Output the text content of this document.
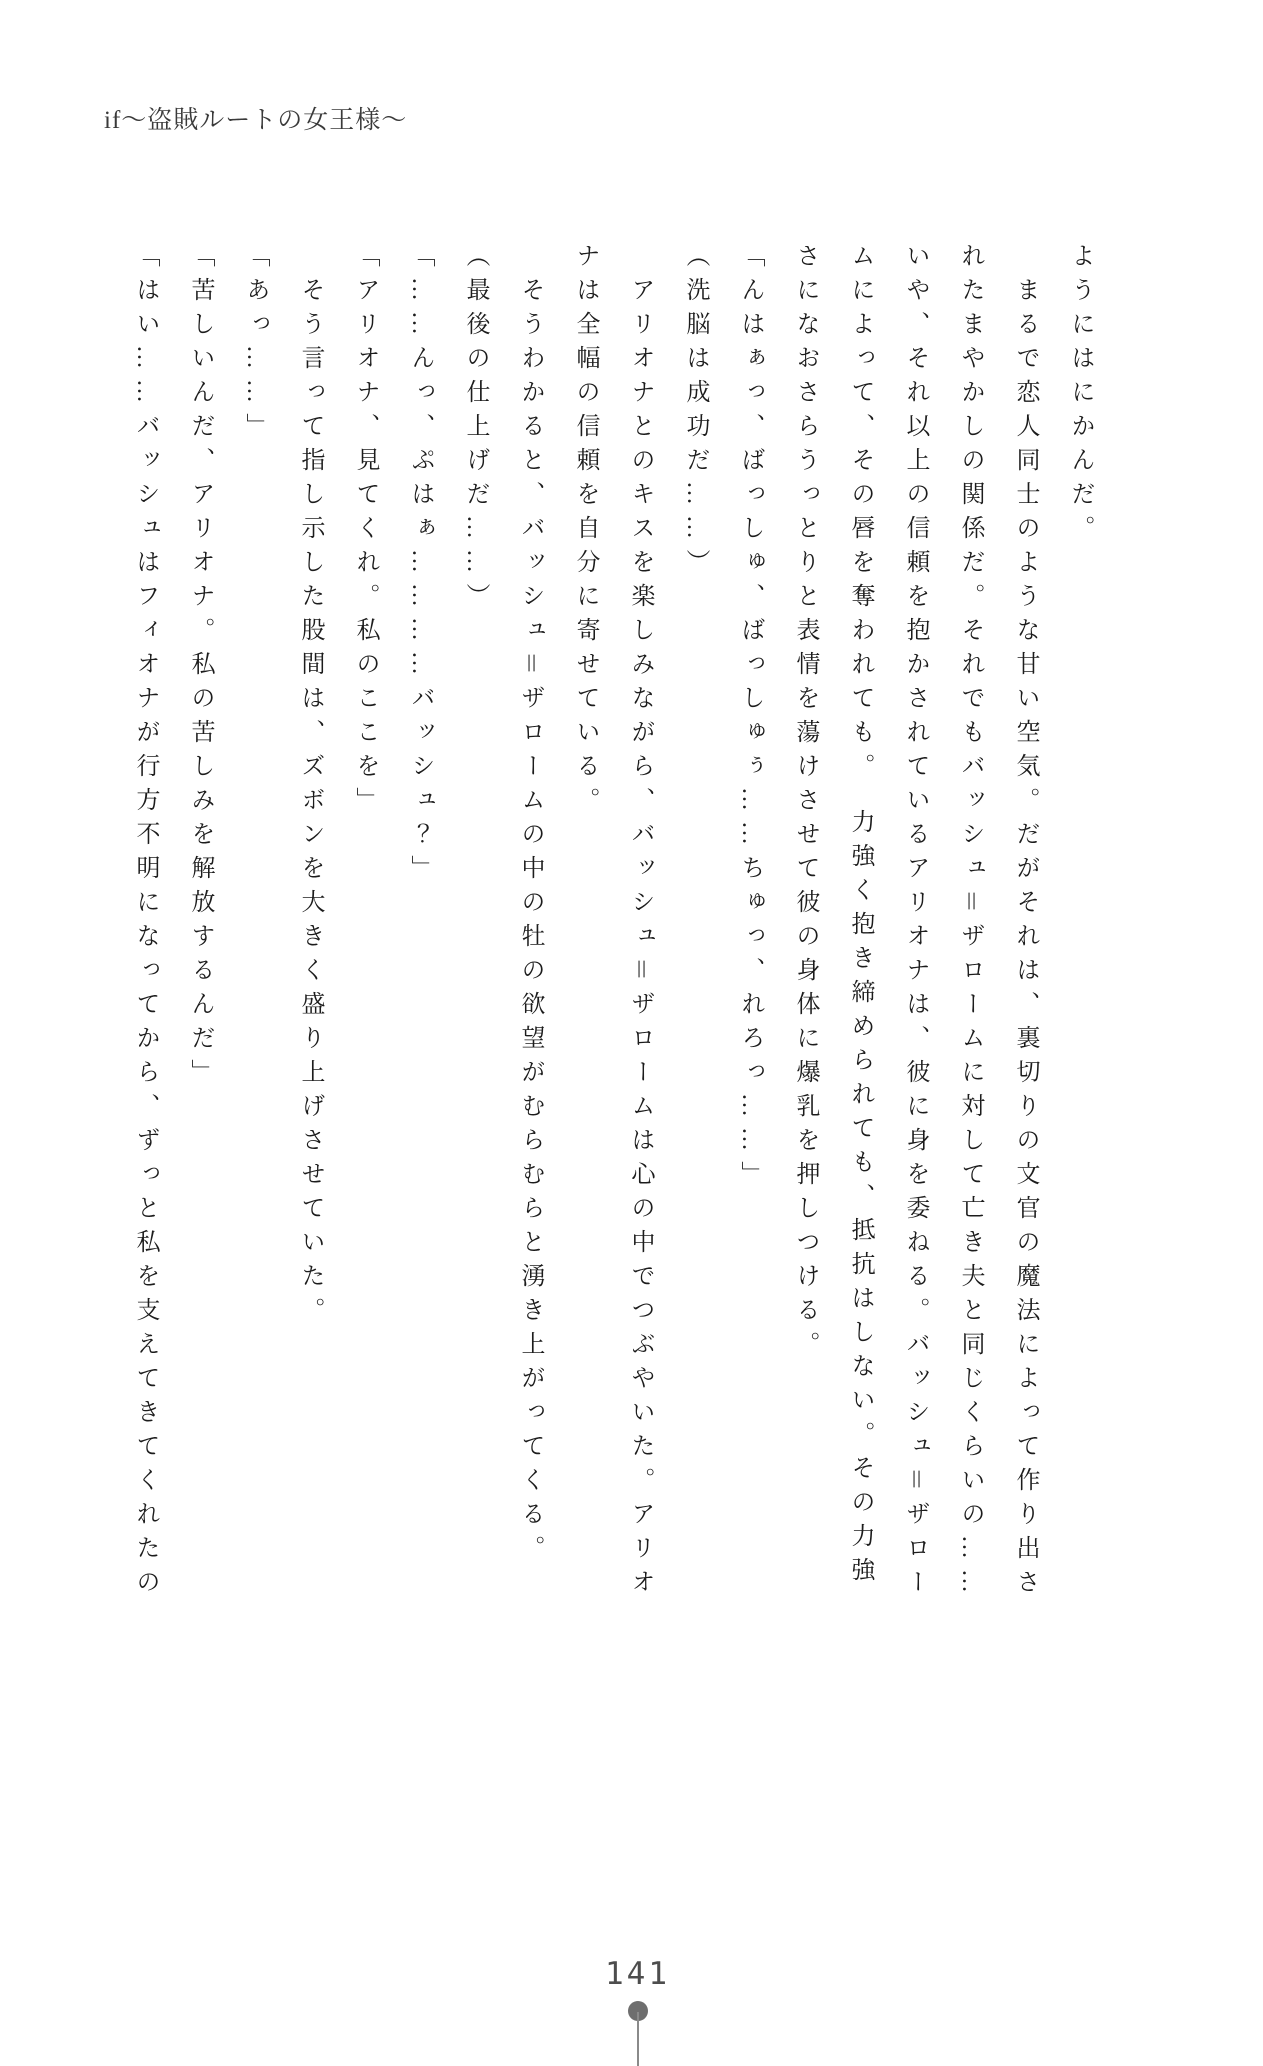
if～盗賊ルートの女王様～

ようにはにかんだ。

　まるで恋人同士のような甘い空気。だがそれは、裏切りの文官の魔法によって作り出さ

れたまやかしの関係だ。それでもバッシュ＝ザロームに対して亡き夫と同じくらいの……

いや、それ以上の信頼を抱かされているアリオナは、彼に身を委ねる。バッシュ＝ザロー

ムによって、その唇を奪われても。　力強く抱き締められても、抵抗はしない。その力強

さになおさらうっとりと表情を蕩けさせて彼の身体に爆乳を押しつける。

「んはぁっ、ばっしゅ、ばっしゅぅ……ちゅっ、れろっ……」

（洗脳は成功だ……）

　アリオナとのキスを楽しみながら、バッシュ＝ザロームは心の中でつぶやいた。アリオ

ナは全幅の信頼を自分に寄せている。

　そうわかると、バッシュ＝ザロームの中の牡の欲望がむらむらと湧き上がってくる。

（最後の仕上げだ……）

「……んっ、ぷはぁ…………バッシュ？」

「アリオナ、見てくれ。私のここを」

　そう言って指し示した股間は、ズボンを大きく盛り上げさせていた。

「あっ……」

「苦しいんだ、アリオナ。私の苦しみを解放するんだ」

「はい……バッシュはフィオナが行方不明になってから、ずっと私を支えてきてくれたの

141
